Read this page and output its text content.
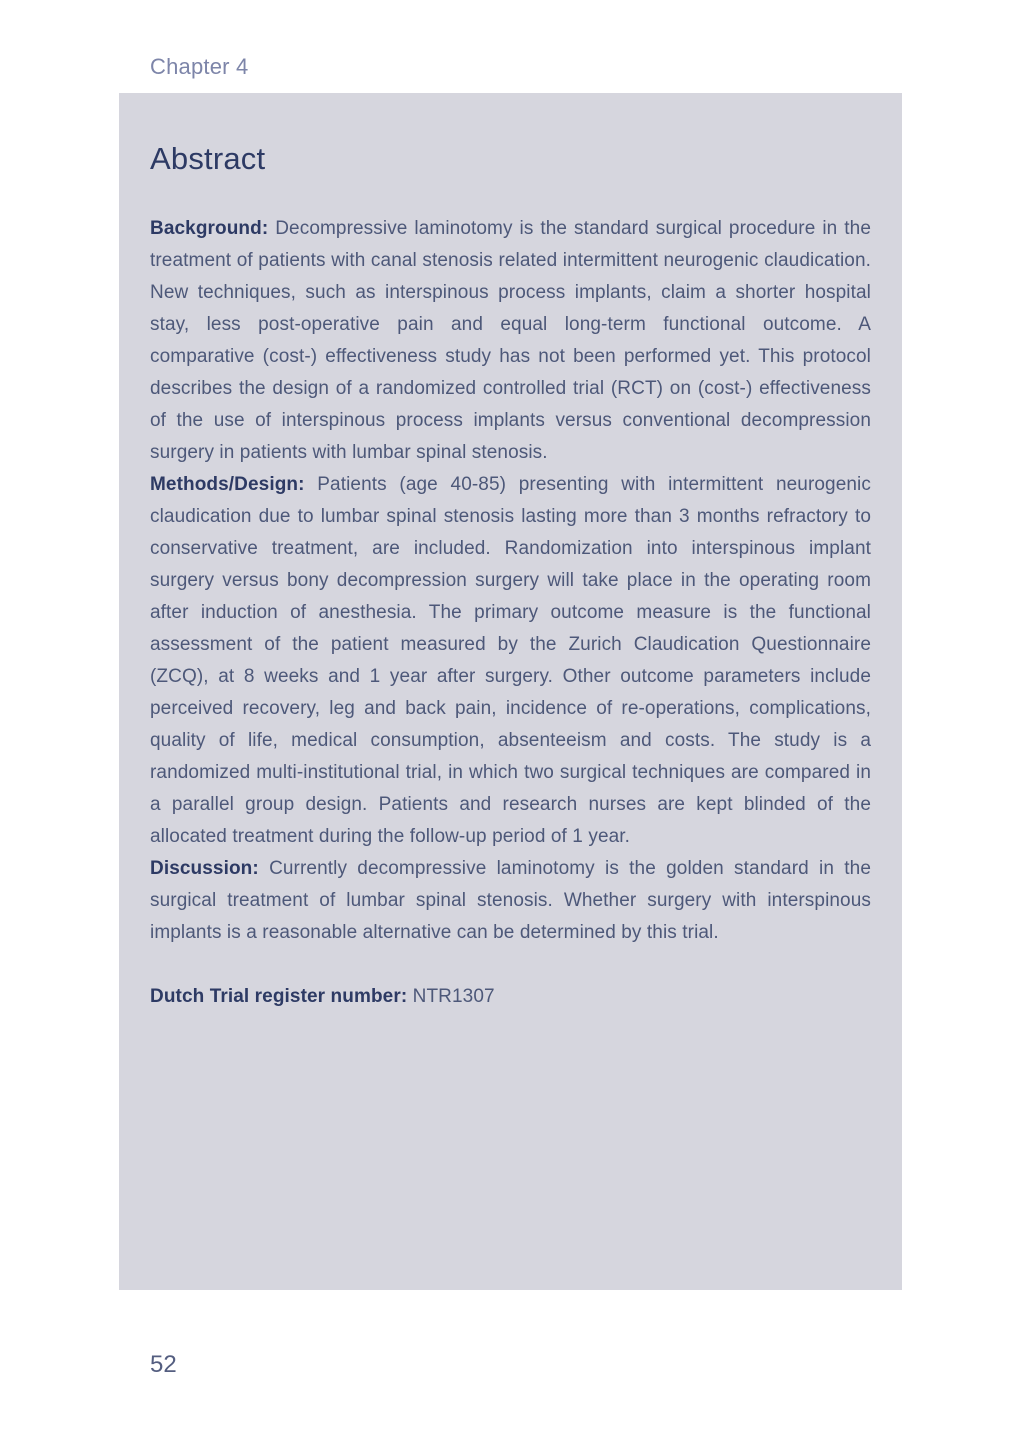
Chapter 4
Abstract

Background: Decompressive laminotomy is the standard surgical procedure in the treatment of patients with canal stenosis related intermittent neurogenic claudication. New techniques, such as interspinous process implants, claim a shorter hospital stay, less post-operative pain and equal long-term functional outcome. A comparative (cost-) effectiveness study has not been performed yet. This protocol describes the design of a randomized controlled trial (RCT) on (cost-) effectiveness of the use of interspinous process implants versus conventional decompression surgery in patients with lumbar spinal stenosis.

Methods/Design: Patients (age 40-85) presenting with intermittent neurogenic claudication due to lumbar spinal stenosis lasting more than 3 months refractory to conservative treatment, are included. Randomization into interspinous implant surgery versus bony decompression surgery will take place in the operating room after induction of anesthesia. The primary outcome measure is the functional assessment of the patient measured by the Zurich Claudication Questionnaire (ZCQ), at 8 weeks and 1 year after surgery. Other outcome parameters include perceived recovery, leg and back pain, incidence of re-operations, complications, quality of life, medical consumption, absenteeism and costs. The study is a randomized multi-institutional trial, in which two surgical techniques are compared in a parallel group design. Patients and research nurses are kept blinded of the allocated treatment during the follow-up period of 1 year.

Discussion: Currently decompressive laminotomy is the golden standard in the surgical treatment of lumbar spinal stenosis. Whether surgery with interspinous implants is a reasonable alternative can be determined by this trial.

Dutch Trial register number: NTR1307

52
